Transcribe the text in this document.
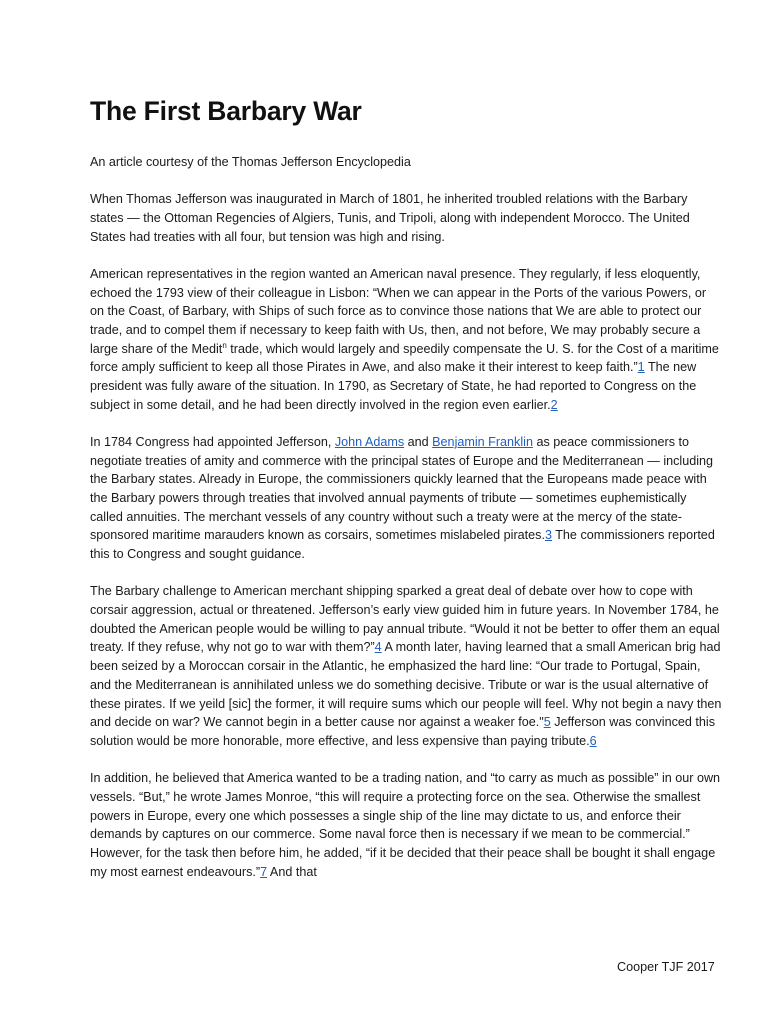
The First Barbary War

An article courtesy of the Thomas Jefferson Encyclopedia

When Thomas Jefferson was inaugurated in March of 1801, he inherited troubled relations with the Barbary states — the Ottoman Regencies of Algiers, Tunis, and Tripoli, along with independent Morocco. The United States had treaties with all four, but tension was high and rising.

American representatives in the region wanted an American naval presence. They regularly, if less eloquently, echoed the 1793 view of their colleague in Lisbon: “When we can appear in the Ports of the various Powers, or on the Coast, of Barbary, with Ships of such force as to convince those nations that We are able to protect our trade, and to compel them if necessary to keep faith with Us, then, and not before, We may probably secure a large share of the Medit$^n$ trade, which would largely and speedily compensate the U. S. for the Cost of a maritime force amply sufficient to keep all those Pirates in Awe, and also make it their interest to keep faith.”1 The new president was fully aware of the situation. In 1790, as Secretary of State, he had reported to Congress on the subject in some detail, and he had been directly involved in the region even earlier.2

In 1784 Congress had appointed Jefferson, John Adams and Benjamin Franklin as peace commissioners to negotiate treaties of amity and commerce with the principal states of Europe and the Mediterranean — including the Barbary states. Already in Europe, the commissioners quickly learned that the Europeans made peace with the Barbary powers through treaties that involved annual payments of tribute — sometimes euphemistically called annuities. The merchant vessels of any country without such a treaty were at the mercy of the state-sponsored maritime marauders known as corsairs, sometimes mislabeled pirates.3 The commissioners reported this to Congress and sought guidance.

The Barbary challenge to American merchant shipping sparked a great deal of debate over how to cope with corsair aggression, actual or threatened. Jefferson’s early view guided him in future years. In November 1784, he doubted the American people would be willing to pay annual tribute. “Would it not be better to offer them an equal treaty. If they refuse, why not go to war with them?”4 A month later, having learned that a small American brig had been seized by a Moroccan corsair in the Atlantic, he emphasized the hard line: “Our trade to Portugal, Spain, and the Mediterranean is annihilated unless we do something decisive. Tribute or war is the usual alternative of these pirates. If we yeild [sic] the former, it will require sums which our people will feel. Why not begin a navy then and decide on war? We cannot begin in a better cause nor against a weaker foe."5 Jefferson was convinced this solution would be more honorable, more effective, and less expensive than paying tribute.6

In addition, he believed that America wanted to be a trading nation, and “to carry as much as possible” in our own vessels. “But,” he wrote James Monroe, “this will require a protecting force on the sea. Otherwise the smallest powers in Europe, every one which possesses a single ship of the line may dictate to us, and enforce their demands by captures on our commerce. Some naval force then is necessary if we mean to be commercial.” However, for the task then before him, he added, “if it be decided that their peace shall be bought it shall engage my most earnest endeavours.”7 And that

Cooper TJF 2017
